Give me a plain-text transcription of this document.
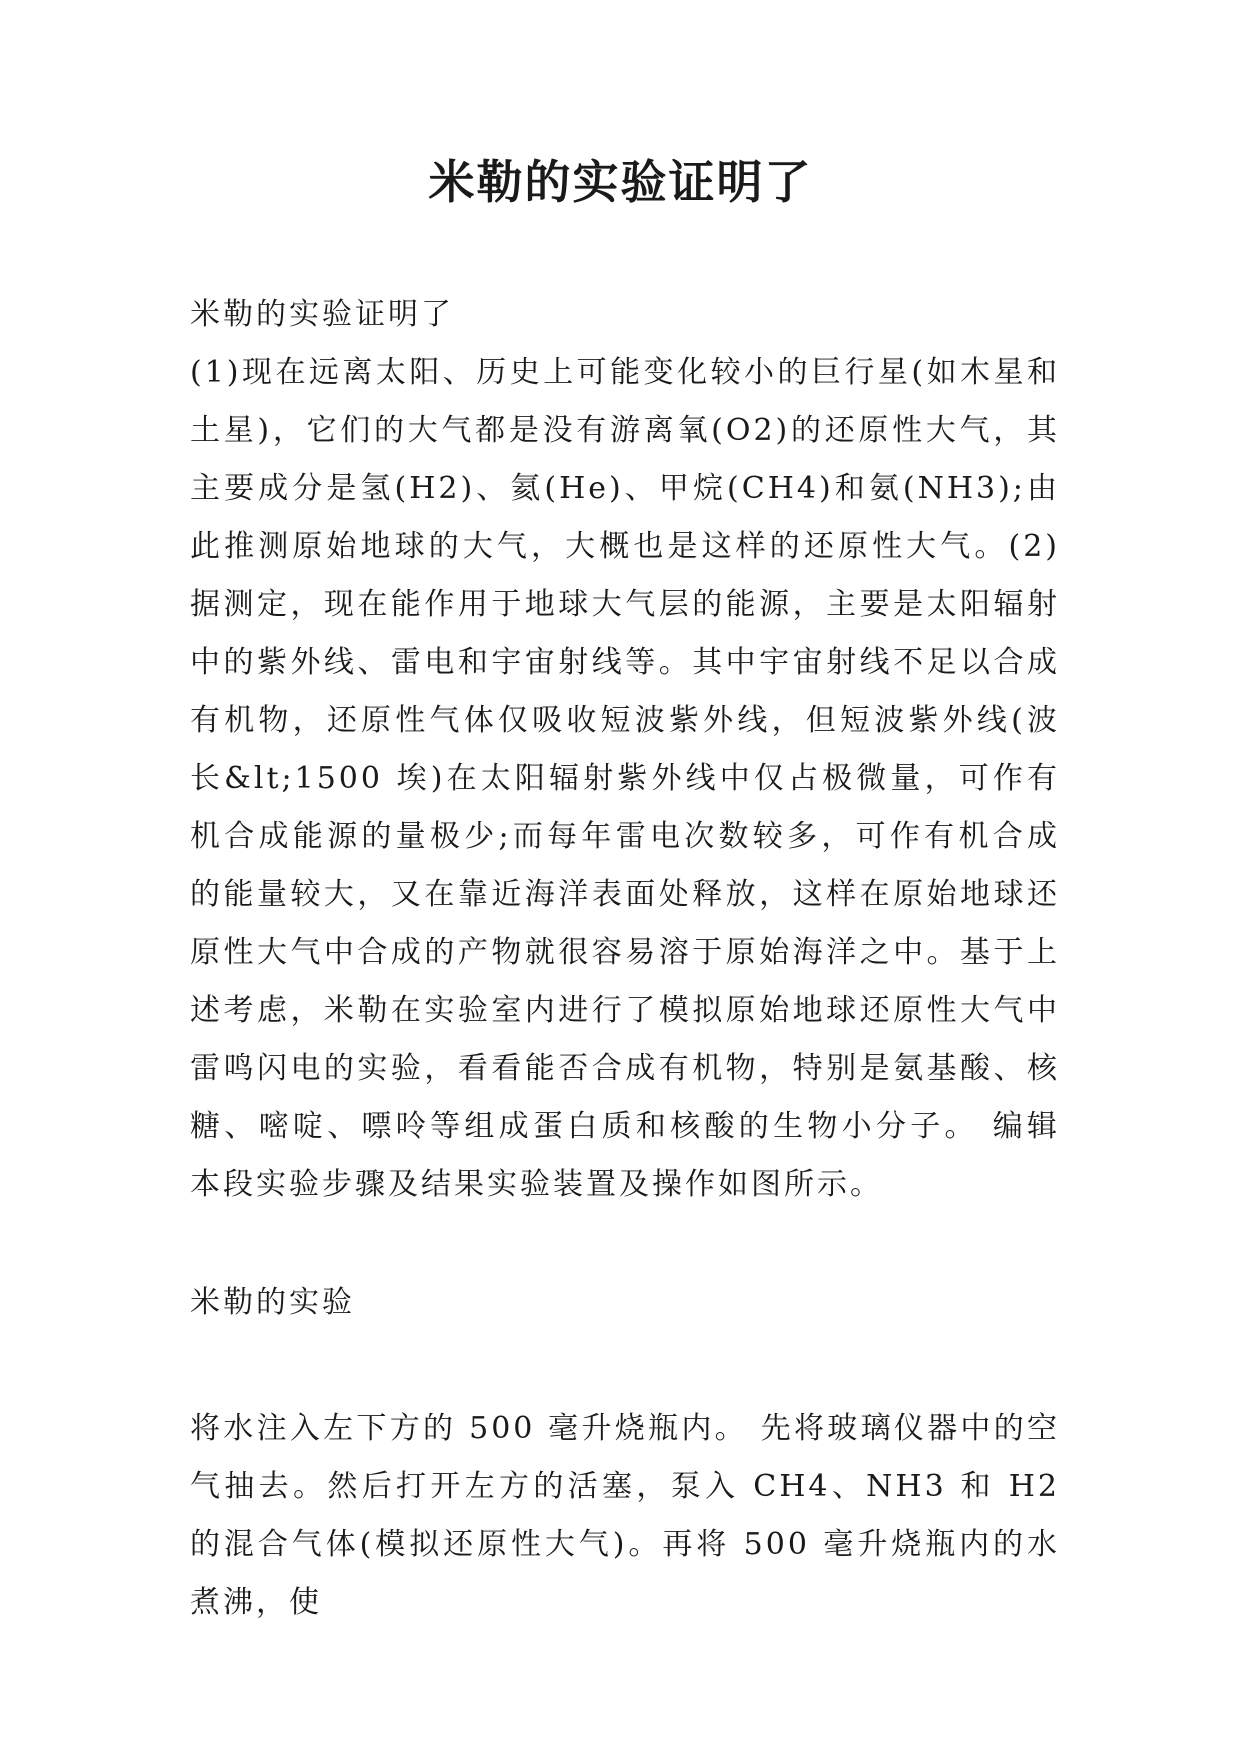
米勒的实验证明了

米勒的实验证明了

(1)现在远离太阳、历史上可能变化较小的巨行星(如木星和土星)，它们的大气都是没有游离氧(O2)的还原性大气，其主要成分是氢(H2)、氦(He)、甲烷(CH4)和氨(NH3);由此推测原始地球的大气，大概也是这样的还原性大气。(2) 据测定，现在能作用于地球大气层的能源，主要是太阳辐射中的紫外线、雷电和宇宙射线等。其中宇宙射线不足以合成有机物，还原性气体仅吸收短波紫外线，但短波紫外线(波长&lt;1500 埃)在太阳辐射紫外线中仅占极微量，可作有机合成能源的量极少;而每年雷电次数较多，可作有机合成的能量较大，又在靠近海洋表面处释放，这样在原始地球还原性大气中合成的产物就很容易溶于原始海洋之中。基于上述考虑，米勒在实验室内进行了模拟原始地球还原性大气中雷鸣闪电的实验，看看能否合成有机物，特别是氨基酸、核糖、嘧啶、嘌呤等组成蛋白质和核酸的生物小分子。 编辑本段实验步骤及结果实验装置及操作如图所示。

米勒的实验

将水注入左下方的 500 毫升烧瓶内。 先将玻璃仪器中的空气抽去。然后打开左方的活塞，泵入 CH4、NH3 和 H2 的混合气体(模拟还原性大气)。再将 500 毫升烧瓶内的水煮沸，使
